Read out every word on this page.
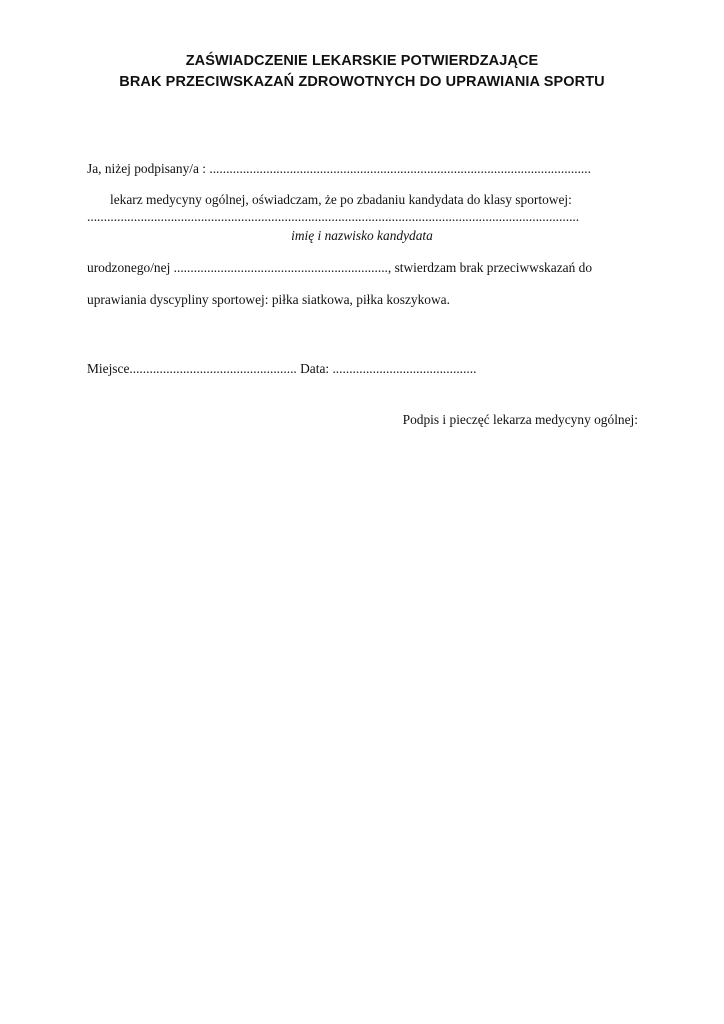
ZAŚWIADCZENIE LEKARSKIE POTWIERDZAJĄCE
BRAK PRZECIWSKAZAŃ ZDROWOTNYCH DO UPRAWIANIA SPORTU
Ja, niżej podpisany/a : ..................................................................................................................
lekarz medycyny ogólnej, oświadczam, że po zbadaniu kandydata do klasy sportowej:
...................................................................................................................................................
imię i nazwisko kandydata
urodzonego/nej ................................................................, stwierdzam brak przeciwwskazań do
uprawiania dyscypliny sportowej: piłka siatkowa, piłka koszykowa.
Miejsce.................................................. Data: ...........................................
Podpis i pieczęć lekarza medycyny ogólnej:
